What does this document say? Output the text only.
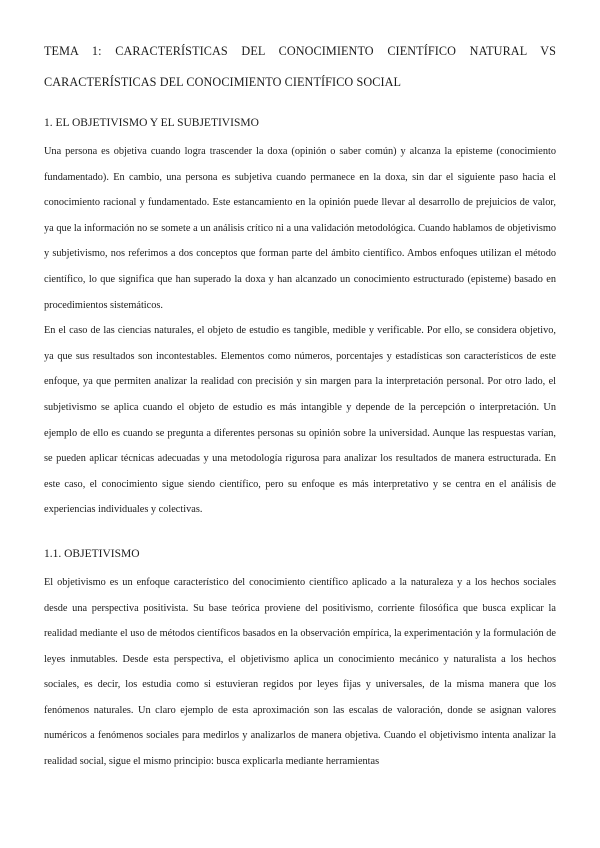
TEMA 1: CARACTERÍSTICAS DEL CONOCIMIENTO CIENTÍFICO NATURAL VS
CARACTERÍSTICAS DEL CONOCIMIENTO CIENTÍFICO SOCIAL
1. EL OBJETIVISMO Y EL SUBJETIVISMO

Una persona es objetiva cuando logra trascender la doxa (opinión o saber común) y alcanza la episteme (conocimiento fundamentado). En cambio, una persona es subjetiva cuando permanece en la doxa, sin dar el siguiente paso hacia el conocimiento racional y fundamentado. Este estancamiento en la opinión puede llevar al desarrollo de prejuicios de valor, ya que la información no se somete a un análisis crítico ni a una validación metodológica. Cuando hablamos de objetivismo y subjetivismo, nos referimos a dos conceptos que forman parte del ámbito científico. Ambos enfoques utilizan el método científico, lo que significa que han superado la doxa y han alcanzado un conocimiento estructurado (episteme) basado en procedimientos sistemáticos.

En el caso de las ciencias naturales, el objeto de estudio es tangible, medible y verificable. Por ello, se considera objetivo, ya que sus resultados son incontestables. Elementos como números, porcentajes y estadísticas son característicos de este enfoque, ya que permiten analizar la realidad con precisión y sin margen para la interpretación personal. Por otro lado, el subjetivismo se aplica cuando el objeto de estudio es más intangible y depende de la percepción o interpretación. Un ejemplo de ello es cuando se pregunta a diferentes personas su opinión sobre la universidad. Aunque las respuestas varían, se pueden aplicar técnicas adecuadas y una metodología rigurosa para analizar los resultados de manera estructurada. En este caso, el conocimiento sigue siendo científico, pero su enfoque es más interpretativo y se centra en el análisis de experiencias individuales y colectivas.

1.1. OBJETIVISMO

El objetivismo es un enfoque característico del conocimiento científico aplicado a la naturaleza y a los hechos sociales desde una perspectiva positivista. Su base teórica proviene del positivismo, corriente filosófica que busca explicar la realidad mediante el uso de métodos científicos basados en la observación empírica, la experimentación y la formulación de leyes inmutables. Desde esta perspectiva, el objetivismo aplica un conocimiento mecánico y naturalista a los hechos sociales, es decir, los estudia como si estuvieran regidos por leyes fijas y universales, de la misma manera que los fenómenos naturales. Un claro ejemplo de esta aproximación son las escalas de valoración, donde se asignan valores numéricos a fenómenos sociales para medirlos y analizarlos de manera objetiva. Cuando el objetivismo intenta analizar la realidad social, sigue el mismo principio: busca explicarla mediante herramientas
